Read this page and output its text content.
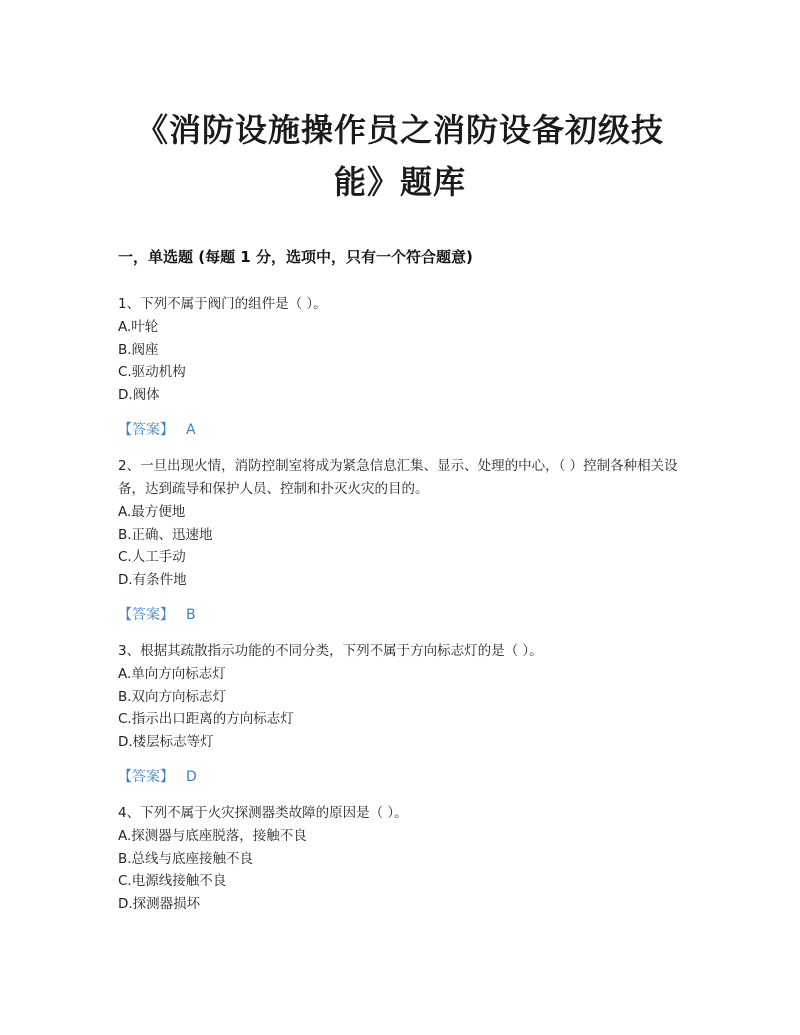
《消防设施操作员之消防设备初级技能》题库
一，单选题 (每题 1 分，选项中，只有一个符合题意)

1、下列不属于阀门的组件是（ ）。

A.叶轮

B.阀座

C.驱动机构

D.阀体

【答案】 A

2、一旦出现火情，消防控制室将成为紧急信息汇集、显示、处理的中心，（ ）控制各种相关设备，达到疏导和保护人员、控制和扑灭火灾的目的。

A.最方便地

B.正确、迅速地

C.人工手动

D.有条件地

【答案】 B

3、根据其疏散指示功能的不同分类，下列不属于方向标志灯的是（ ）。

A.单向方向标志灯

B.双向方向标志灯

C.指示出口距离的方向标志灯

D.楼层标志等灯

【答案】 D

4、下列不属于火灾探测器类故障的原因是（ ）。

A.探测器与底座脱落，接触不良

B.总线与底座接触不良

C.电源线接触不良

D.探测器损坏
